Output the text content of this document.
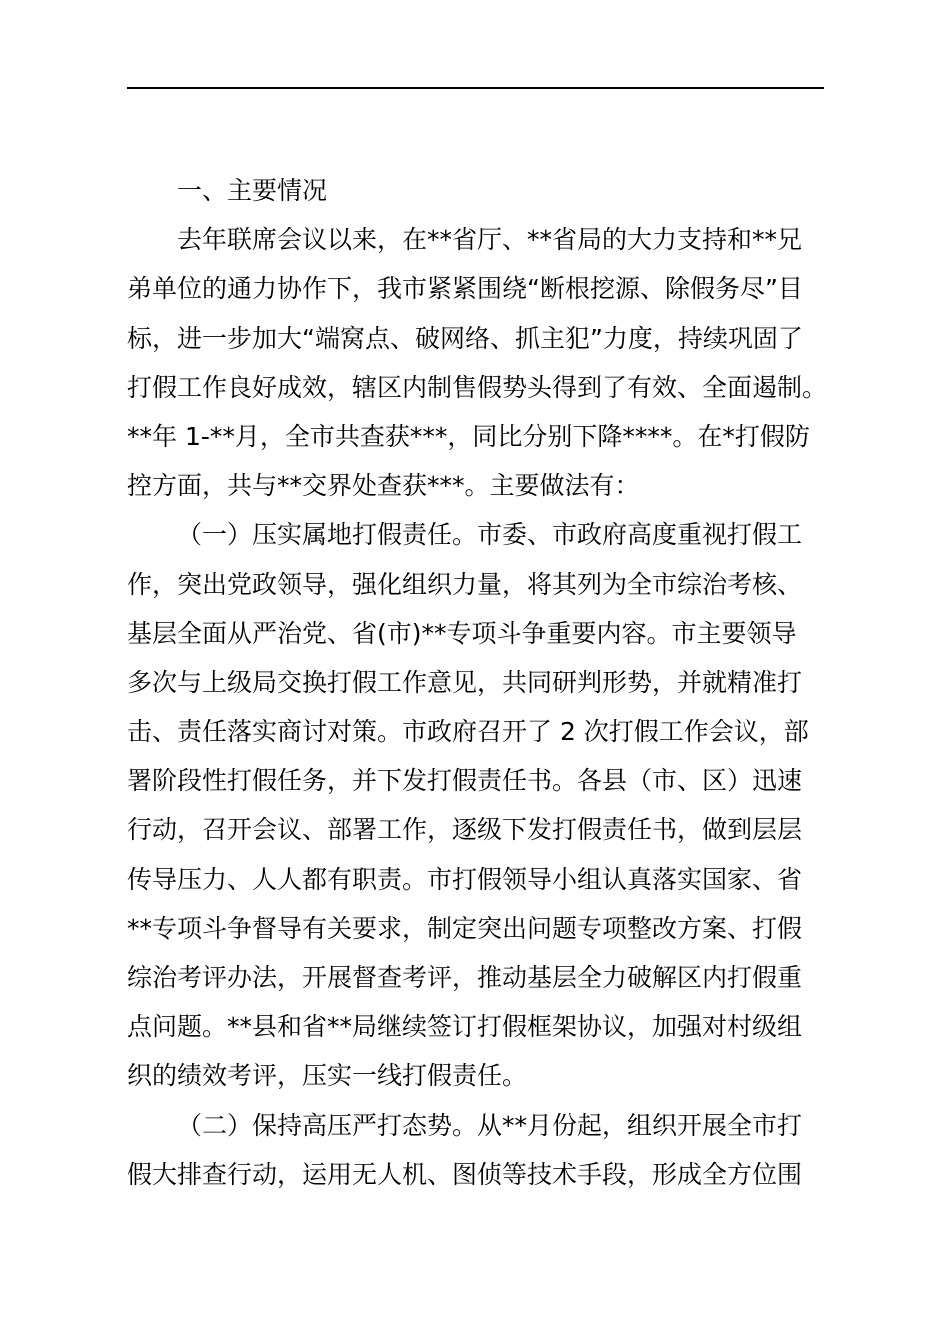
一、主要情况
去年联席会议以来，在**省厅、**省局的大力支持和**兄
弟单位的通力协作下，我市紧紧围绕“断根挖源、除假务尽”目
标，进一步加大“端窝点、破网络、抓主犯”力度，持续巩固了
打假工作良好成效，辖区内制售假势头得到了有效、全面遏制。
**年 1-**月，全市共查获***，同比分别下降****。在*打假防
控方面，共与**交界处查获***。主要做法有：
（一）压实属地打假责任。市委、市政府高度重视打假工
作，突出党政领导，强化组织力量，将其列为全市综治考核、
基层全面从严治党、省(市)**专项斗争重要内容。市主要领导
多次与上级局交换打假工作意见，共同研判形势，并就精准打
击、责任落实商讨对策。市政府召开了 2 次打假工作会议，部
署阶段性打假任务，并下发打假责任书。各县（市、区）迅速
行动，召开会议、部署工作，逐级下发打假责任书，做到层层
传导压力、人人都有职责。市打假领导小组认真落实国家、省
**专项斗争督导有关要求，制定突出问题专项整改方案、打假
综治考评办法，开展督查考评，推动基层全力破解区内打假重
点问题。**县和省**局继续签订打假框架协议，加强对村级组
织的绩效考评，压实一线打假责任。
（二）保持高压严打态势。从**月份起，组织开展全市打
假大排查行动，运用无人机、图侦等技术手段，形成全方位围
